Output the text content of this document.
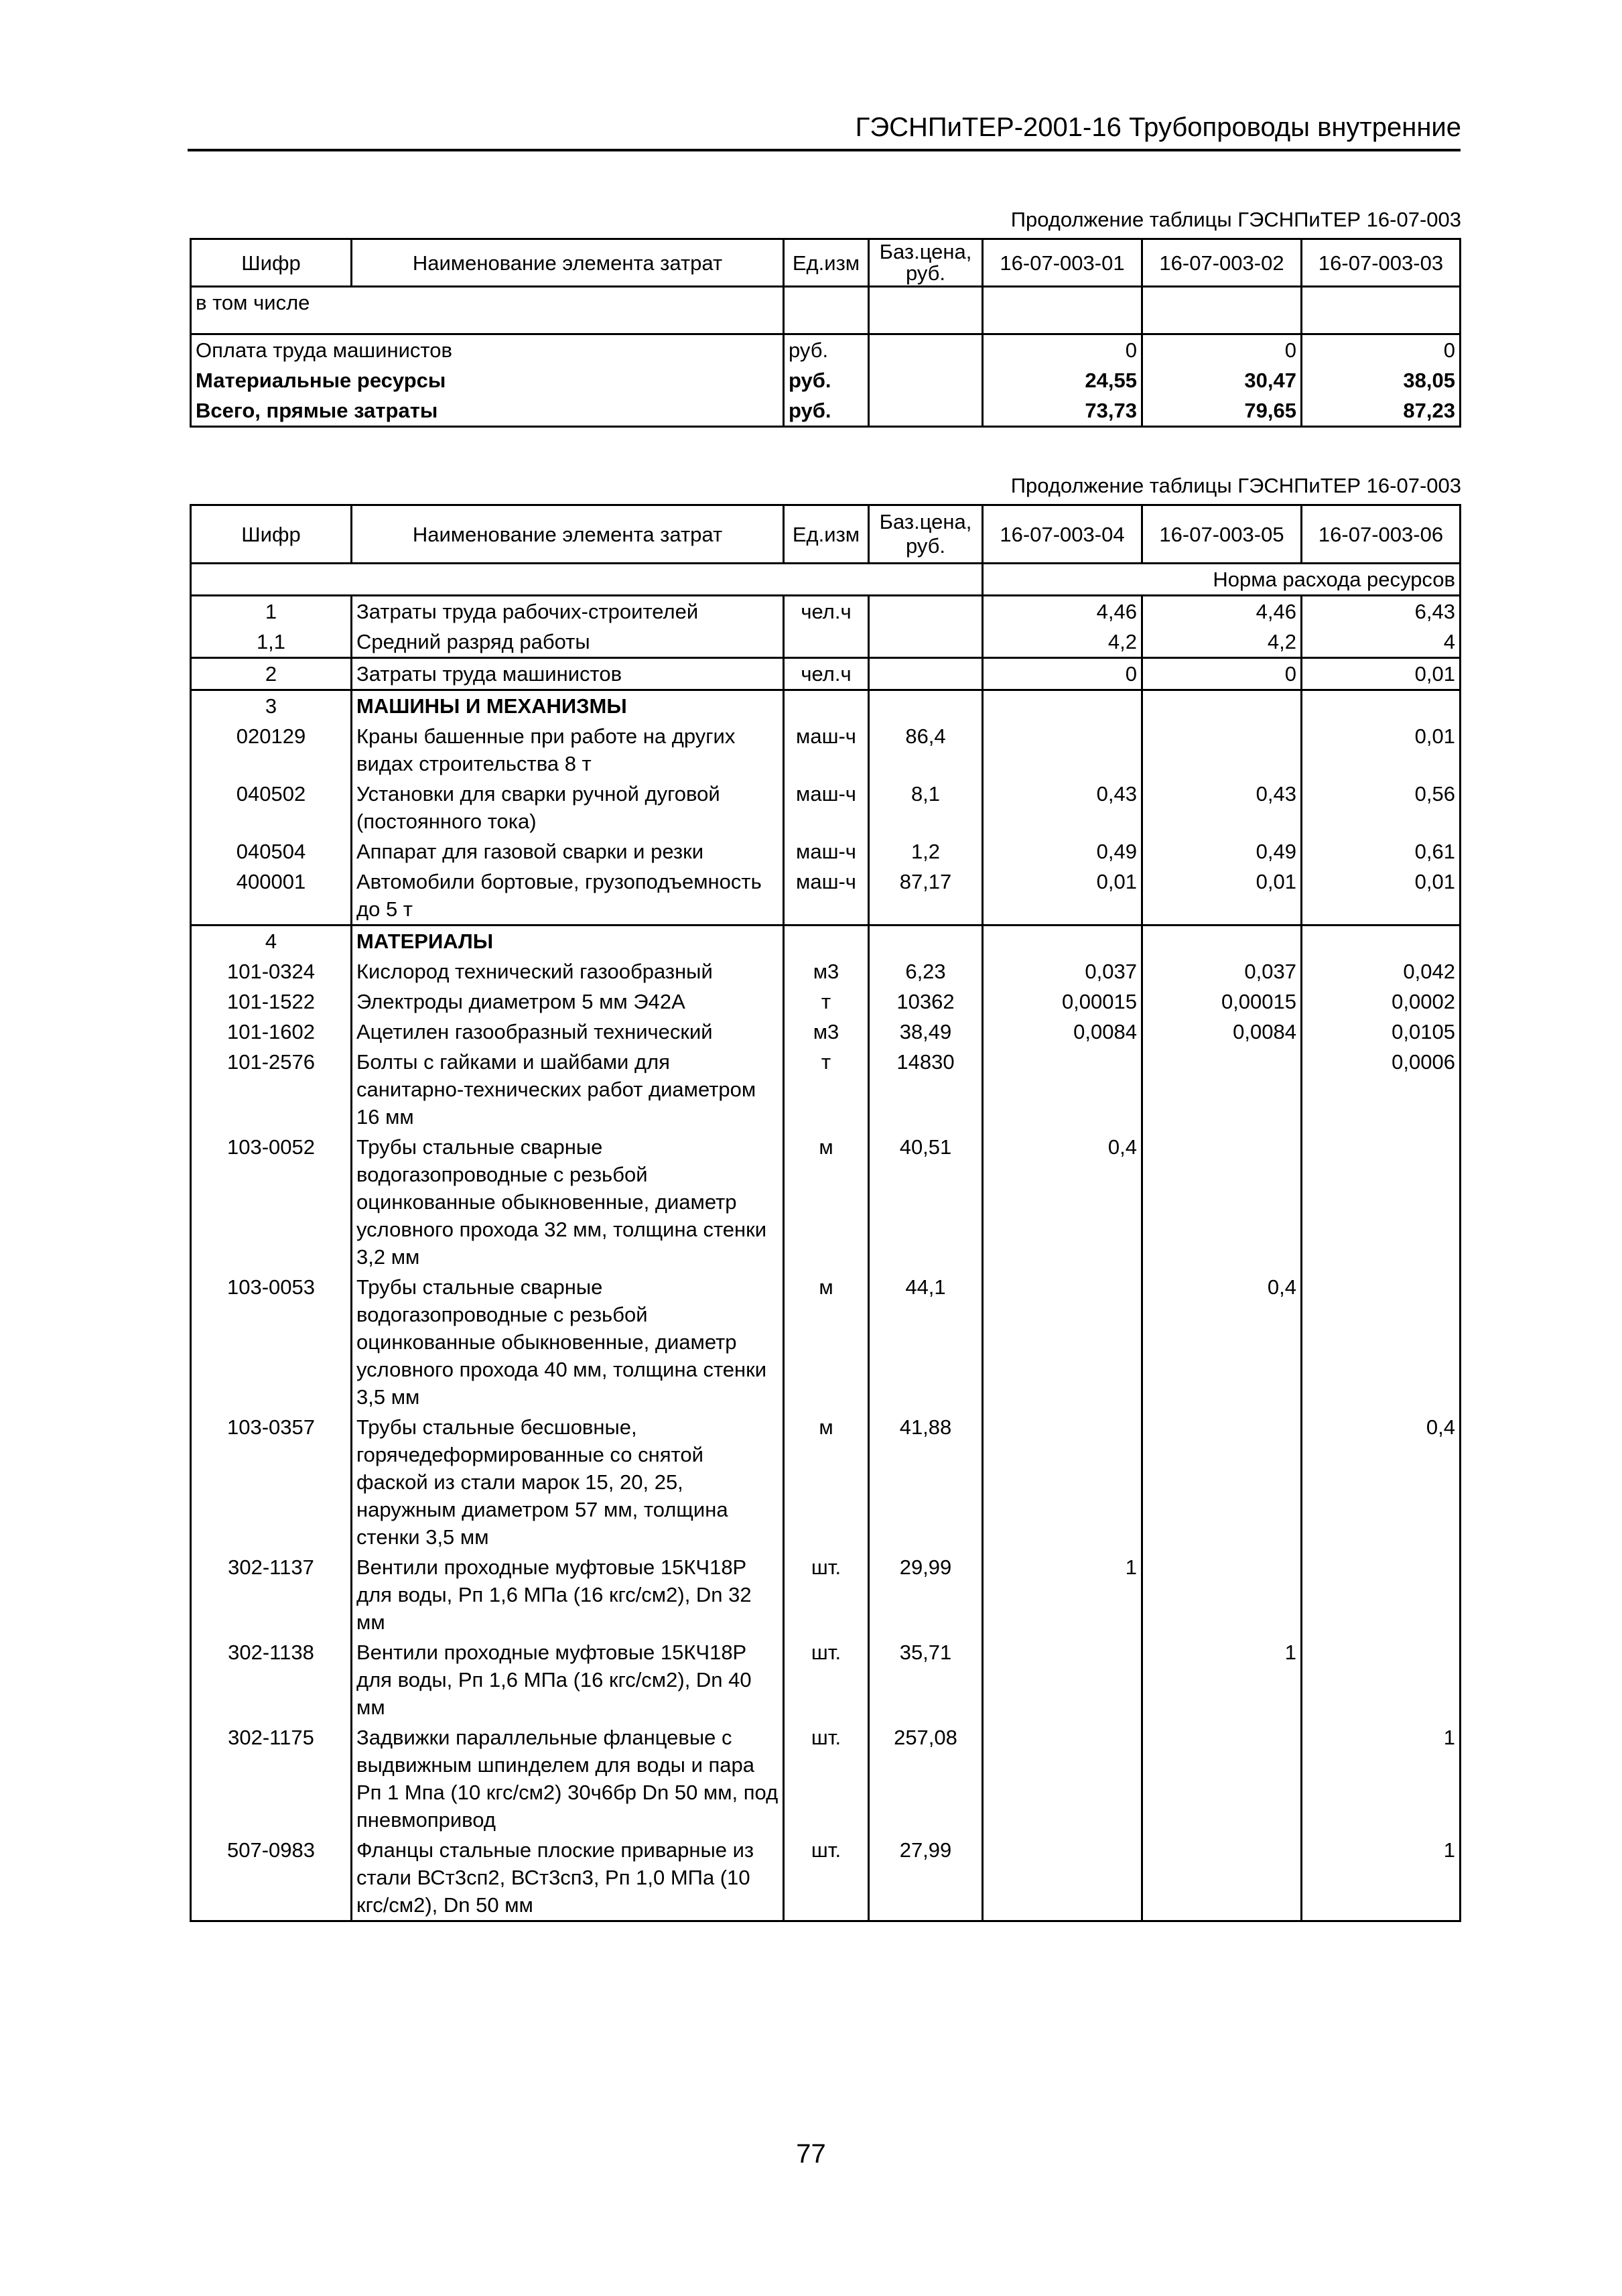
ГЭСНПиТЕР-2001-16 Трубопроводы внутренние
Продолжение таблицы ГЭСНПиТЕР 16-07-003
Шифр	Наименование элемента затрат	Ед.изм	Баз.цена, руб.	16-07-003-01	16-07-003-02	16-07-003-03
в том числе						
Оплата труда машинистов		руб.		0	0	0
Материальные ресурсы		руб.		24,55	30,47	38,05
Всего, прямые затраты		руб.		73,73	79,65	87,23
Продолжение таблицы ГЭСНПиТЕР 16-07-003
Шифр	Наименование элемента затрат	Ед.изм	Баз.цена, руб.	16-07-003-04	16-07-003-05	16-07-003-06
				Норма расхода ресурсов		
1	Затраты труда рабочих-строителей	чел.ч		4,46	4,46	6,43
1,1	Средний разряд работы			4,2	4,2	4
2	Затраты труда машинистов	чел.ч		0	0	0,01
3	МАШИНЫ И МЕХАНИЗМЫ					
020129	Краны башенные при работе на других видах строительства 8 т	маш-ч	86,4			0,01
040502	Установки для сварки ручной дуговой (постоянного тока)	маш-ч	8,1	0,43	0,43	0,56
040504	Аппарат для газовой сварки и резки	маш-ч	1,2	0,49	0,49	0,61
400001	Автомобили бортовые, грузоподъемность до 5 т	маш-ч	87,17	0,01	0,01	0,01
4	МАТЕРИАЛЫ					
101-0324	Кислород технический газообразный	м3	6,23	0,037	0,037	0,042
101-1522	Электроды диаметром 5 мм Э42А	т	10362	0,00015	0,00015	0,0002
101-1602	Ацетилен газообразный технический	м3	38,49	0,0084	0,0084	0,0105
101-2576	Болты с гайками и шайбами для санитарно-технических работ диаметром 16 мм	т	14830			0,0006
103-0052	Трубы стальные сварные водогазопроводные с резьбой оцинкованные обыкновенные, диаметр условного прохода 32 мм, толщина стенки 3,2 мм	м	40,51	0,4		
103-0053	Трубы стальные сварные водогазопроводные с резьбой оцинкованные обыкновенные, диаметр условного прохода 40 мм, толщина стенки 3,5 мм	м	44,1		0,4	
103-0357	Трубы стальные бесшовные, горячедеформированные со снятой фаской из стали марок 15, 20, 25, наружным диаметром 57 мм, толщина стенки 3,5 мм	м	41,88			0,4
302-1137	Вентили проходные муфтовые 15КЧ18Р для воды, Рп 1,6 МПа (16 кгс/см2), Dn 32 мм	шт.	29,99	1		
302-1138	Вентили проходные муфтовые 15КЧ18Р для воды, Рп 1,6 МПа (16 кгс/см2), Dn 40 мм	шт.	35,71		1	
302-1175	Задвижки параллельные фланцевые с выдвижным шпинделем для воды и пара Рп 1 Мпа (10 кгс/см2) 30ч6бр Dn 50 мм, под пневмопривод	шт.	257,08			1
507-0983	Фланцы стальные плоские приварные из стали ВСт3сп2, ВСт3сп3, Рп 1,0 МПа (10 кгс/см2), Dn 50 мм	шт.	27,99			1
77
